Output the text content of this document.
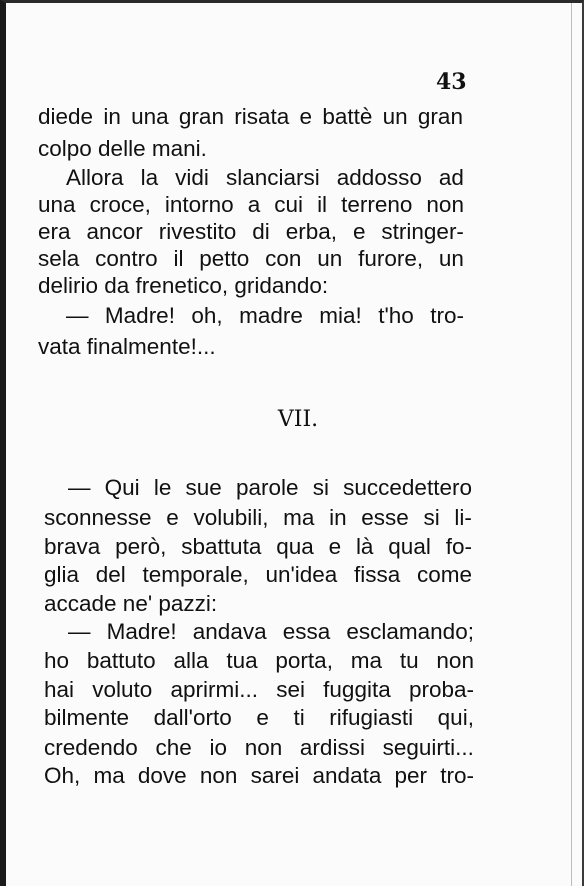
43
diede in una gran risata e battè un gran
colpo delle mani.
Allora la vidi slanciarsi addosso ad
una croce, intorno a cui il terreno non
era ancor rivestito di erba, e stringer-
sela contro il petto con un furore, un
delirio da frenetico, gridando:
— Madre! oh, madre mia! t'ho tro-
vata finalmente!...
VII.
— Qui le sue parole si succedettero
sconnesse e volubili, ma in esse si li-
brava però, sbattuta qua e là qual fo-
glia del temporale, un'idea fissa come
accade ne' pazzi:
— Madre! andava essa esclamando;
ho battuto alla tua porta, ma tu non
hai voluto aprirmi... sei fuggita proba-
bilmente dall'orto e ti rifugiasti qui,
credendo che io non ardissi seguirti...
Oh, ma dove non sarei andata per tro-
